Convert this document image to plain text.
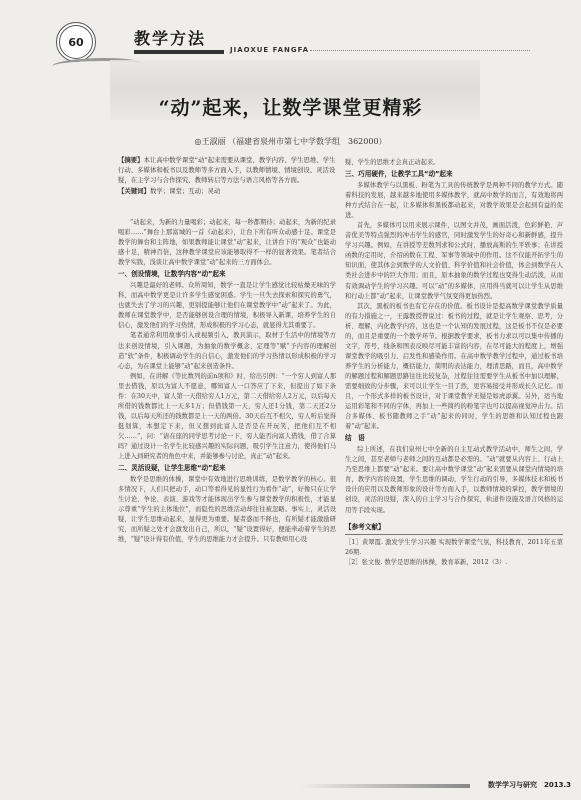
60	教学方法
JIAOXUE FANGFA
“动”起来，让数学课堂更精彩
◎王淑丽 （福建省泉州市第七中学数学组　362000）
【摘要】本让高中数学课堂“动”起来需要从课堂、教学内容、学生思维、学生行动、多媒体和板书以及教师等多方面入手，以教师情境、情境创设、灵活设疑，在主学习与合作探究、教师转启等方法与语言风格等各方面。
【关键词】数学；课堂；互动；灵动

“动起来，为新的力量喝彩；动起来，每一秒都期待；动起来，为新的纪录喝彩……”舞台上那富城的一首《动起来》，让台下所有听众动感十足。课堂是教学的舞台和主阵地，如果教师能让课堂“动”起来，让讲台下的“观众”也能动感十足，精神百倍，这种教学课堂应该能够取得不一样的显著效果。笔者结合教学实践，浅谈让高中数学课堂“动”起来的三方面体会。

一、创设情境，让数学内容“动”起来

兴趣是最好的老师。众所周知，数学一直是让学生感觉比较枯燥无味的学科，而高中数学更是让许多学生感觉困惑。学生一旦失去探索和探究的勇气，也就失去了学习的兴趣，更别提能够让他们在课堂教学中“动”起来了。为此，教师在课堂教学中，是否能够创设合理的情境，积极导入新课，培养学生的自信心，激发他们的学习热情，形成积极的学习心态，就显得尤其重要了。

笔者通常利用故事引入或视频引入，教具演示，取材于生活中的情境等方法来创设情境，引入课题，为抽象的数学概念、定理等“赋”予内容的理解创造“软”条件，积极调动学生的自信心，激发他们的学习热情以形成积极的学习心态，为在课堂上能够“动”起来创造条件。

例如，在讲解《等比数列的前n项和》时，给出引例：“一个穷人到富人那里去借钱，原以为富人不愿意，哪知富人一口答应了下来，但提出了如下条件：在30天中，富人第一天借给穷人1万元，第二天借给穷人2万元，以后每天所借的钱数都比上一天多1万；但借钱第一天，穷人还1分钱，第二天还2分钱，以后每天所还的钱数都是上一天的两倍。30天后互不相欠，穷人听后觉得挺划算，本想定下来，但又想到此富人是否是在开玩笑，把他们互不相欠……”，问：“请在座的同学思考讨论一下，穷人能否向富人借钱，借了合算吗？通过设计一名学生比较感兴趣的实际问题，吸引学生注意力，使得他们马上进入到研究者的角色中来，并能够参与讨论，真正“动”起来。

二、灵活设疑，让学生思维“动”起来

数学是思维的体操，课堂中有效地进行思维训练，是数学教学的核心。很多情况下，人们只把动手，动口等看得见的显性行为看作“动”，好像只在让学生讨论、争论、表演、游戏等才能体现出学生参与课堂教学的积极性，才能显示尊重“学生的主体地位”，而隐性的思维活动却往往被忽略。事实上，灵活设疑，让学生思维动起来，显得更为重要。疑者惑而不释也，有所疑才能激励研究，而所疑之处才会激发出自己，所以，“疑”设置得好，便能牵动着学生的思维，“疑”设计得有价值，学生的思维能力才会提升。只有教师用心设

疑，学生的思维才会真正动起来。

三、巧用硬件，让教学工具“动”起来

多媒体教学与以黑板、粉笔为工具的传统教学是两种不同的教学方式。随着科技的发展，越来越多地使用多媒体教学，就高中数学的而言，有效地将两种方式结合在一起，让多媒体和黑板都动起来，对教学效果是会起到有益的促进。

首先，多媒体可以用来展示课件，以图文并茂，画面活泼，色彩鲜艳、声音优美等特点强烈的冲击学生的感官，同时激发学生的好奇心和新鲜感，提升学习兴趣。例如，在讲授等差数列求和公式时，播放高斯的生平轶事；在讲授函数的定用时，介绍函数在工程、军事等领域中的作用。这不仅能开拓学生的知识面，使其体会到数学的人文价值、科学价值和社会价值，体会到数学在人类社会进步中的巨大作用；而且，原本抽象的数学过程也变得生动活泼，从而有效调动学生的学习兴趣。可以“动”的多媒体，应用得当就可以让学生从思维和行动上都“动”起来，让课堂教学气氛变得更加热烈。

其次，黑板的板书也有它存在的价值。板书设计是提高数学课堂教学质量的有力措施之一，王露教授曾说过：板书的过程，就是让学生观察、思考，分析、理解，内化教学内容，这也是一个认知的发展过程，这是板书不仅是必要的，而且是重要的一个教学环节。根据教学要求，板书力求以可以集中传播的文字，符号，线条和图表反映尽可能丰富的内容，在尽可能大的程度上，增强课堂教学的吸引力、启发性和感染作用。在高中数学教学过程中，通过板书培养学生的分析能力，概括能力，简明的表达能力，理清思路，而且，高中数学的解题过程和解题思路往往比较复杂，过程往往需要学生从板书中加以理解，需要细致的分步骤，来可以让学生一目了然，更容易接受并形成长久记忆。而且，一个形式多样的板书设计，对于课堂教学无疑是如虎添翼。另外，适当地运用彩笔和不同的字体，再加上一些简约的粉笔字也可以提高视觉冲击力。结合多媒体、板书随教师之手“动”起来的同时，学生的思维和认知过程也跟着“动”起来。

结　语

综上所述，在我们泉州七中全新的自主互动式教学活动中，师生之间，学生之间，甚至老师与老师之间的互动都是必需的。“动”就要从内容上、行动上乃至思维上都要“动”起来。要让高中数学课堂“动”起来需要从课堂内情境的培育，教学内容的设置，学生思维的调动，学生行动的引导，多媒体技术和板书设计的应用以及教师形象的设计等方面入手，以教师情境的掌控，教学情境的创设，灵活的设疑，深入的自主学习与合作探究，轨道件设施及语言风格的运用等手段实现。

【参考文献】

［1］黄翠霞. 激发学生学习兴趣 实现数学课堂气氛，科技教育，2011年五第26期.

［2］张文俊. 数学是思维的体操，教育革新，2012（3）.

数学学习与研究　2013.3
